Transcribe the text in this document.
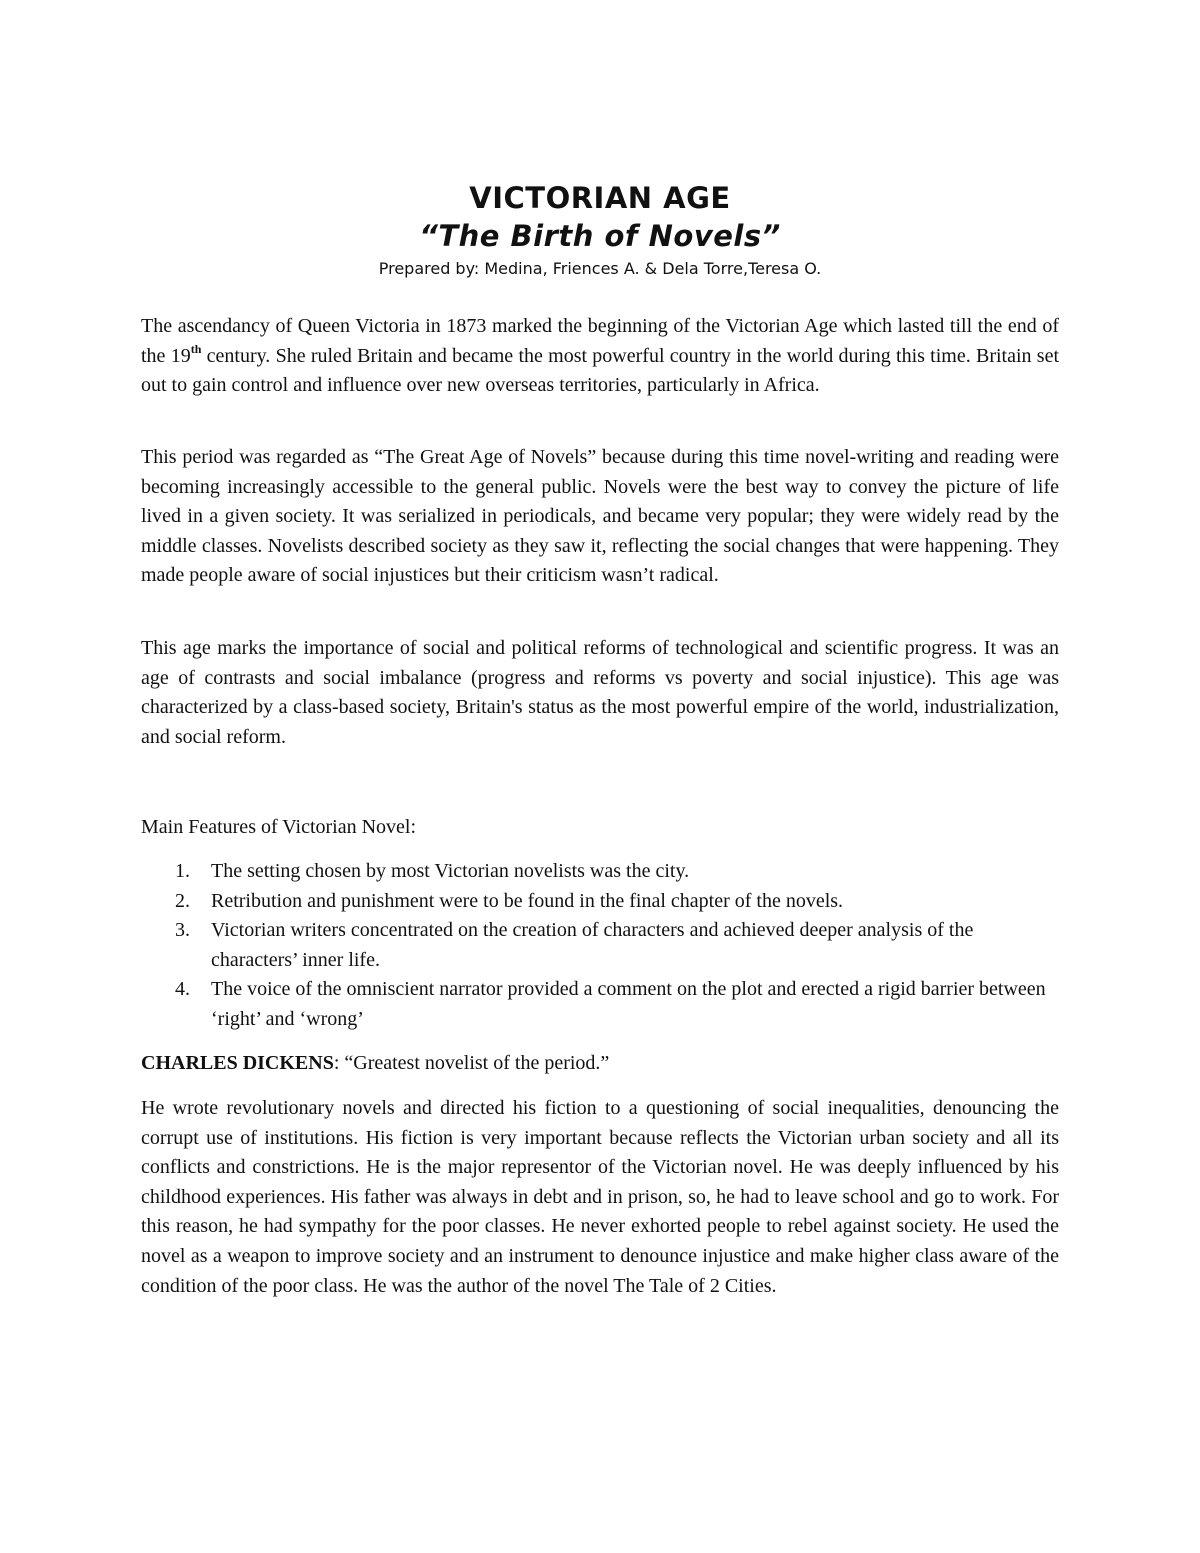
VICTORIAN AGE
“The Birth of Novels”
Prepared by: Medina, Friences A. & Dela Torre,Teresa O.

The ascendancy of Queen Victoria in 1873 marked the beginning of the Victorian Age which lasted till the end of the 19th century. She ruled Britain and became the most powerful country in the world during this time. Britain set out to gain control and influence over new overseas territories, particularly in Africa.

This period was regarded as “The Great Age of Novels” because during this time novel-writing and reading were becoming increasingly accessible to the general public. Novels were the best way to convey the picture of life lived in a given society. It was serialized in periodicals, and became very popular; they were widely read by the middle classes. Novelists described society as they saw it, reflecting the social changes that were happening. They made people aware of social injustices but their criticism wasn’t radical.

This age marks the importance of social and political reforms of technological and scientific progress. It was an age of contrasts and social imbalance (progress and reforms vs poverty and social injustice). This age was characterized by a class-based society, Britain's status as the most powerful empire of the world, industrialization, and social reform.

Main Features of Victorian Novel:

1. The setting chosen by most Victorian novelists was the city.
2. Retribution and punishment were to be found in the final chapter of the novels.
3. Victorian writers concentrated on the creation of characters and achieved deeper analysis of the characters’ inner life.
4. The voice of the omniscient narrator provided a comment on the plot and erected a rigid barrier between ‘right’ and ‘wrong’

CHARLES DICKENS: “Greatest novelist of the period.”

He wrote revolutionary novels and directed his fiction to a questioning of social inequalities, denouncing the corrupt use of institutions. His fiction is very important because reflects the Victorian urban society and all its conflicts and constrictions. He is the major representor of the Victorian novel. He was deeply influenced by his childhood experiences. His father was always in debt and in prison, so, he had to leave school and go to work. For this reason, he had sympathy for the poor classes. He never exhorted people to rebel against society. He used the novel as a weapon to improve society and an instrument to denounce injustice and make higher class aware of the condition of the poor class. He was the author of the novel The Tale of 2 Cities.
